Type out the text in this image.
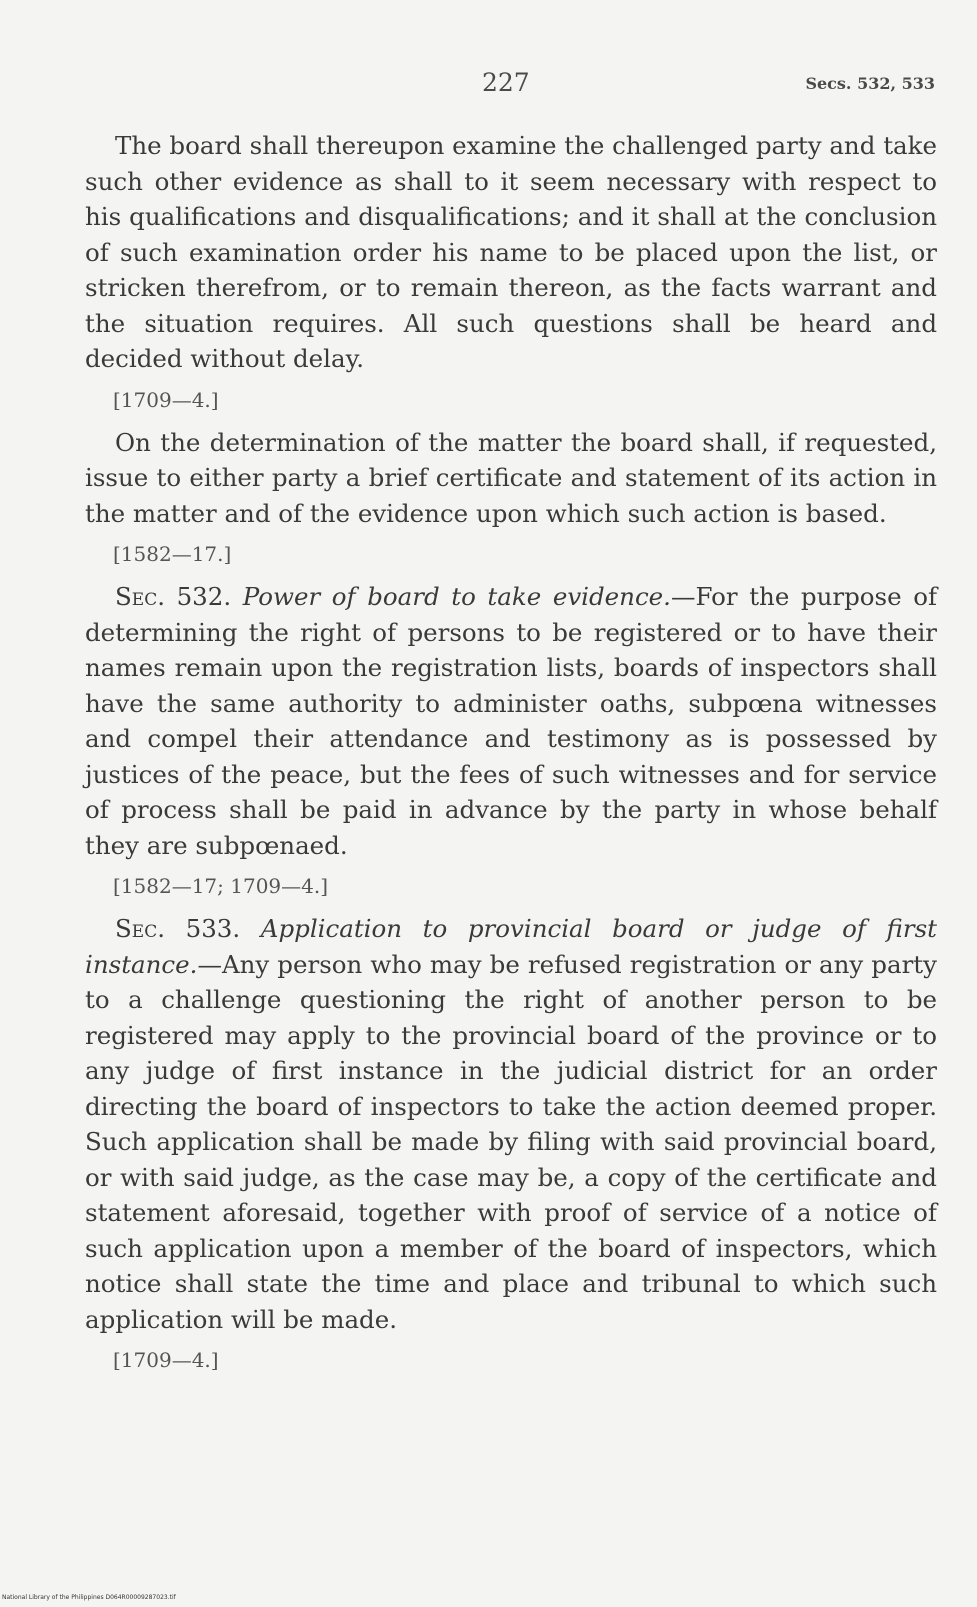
227	Secs. 532, 533

The board shall thereupon examine the challenged party and take such other evidence as shall to it seem necessary with respect to his qualifications and disqualifications; and it shall at the conclusion of such examination order his name to be placed upon the list, or stricken therefrom, or to remain thereon, as the facts warrant and the situation requires. All such questions shall be heard and decided without delay.

[1709—4.]

On the determination of the matter the board shall, if requested, issue to either party a brief certificate and statement of its action in the matter and of the evidence upon which such action is based.

[1582—17.]

Sec. 532. Power of board to take evidence.—For the purpose of determining the right of persons to be registered or to have their names remain upon the registration lists, boards of inspectors shall have the same authority to administer oaths, subpœna witnesses and compel their attendance and testimony as is possessed by justices of the peace, but the fees of such witnesses and for service of process shall be paid in advance by the party in whose behalf they are subpœnaed.

[1582—17; 1709—4.]

Sec. 533. Application to provincial board or judge of first instance.—Any person who may be refused registration or any party to a challenge questioning the right of another person to be registered may apply to the provincial board of the province or to any judge of first instance in the judicial district for an order directing the board of inspectors to take the action deemed proper. Such application shall be made by filing with said provincial board, or with said judge, as the case may be, a copy of the certificate and statement aforesaid, together with proof of service of a notice of such application upon a member of the board of inspectors, which notice shall state the time and place and tribunal to which such application will be made.

[1709—4.]

National Library of the Philippines D064R00009287023.tif
